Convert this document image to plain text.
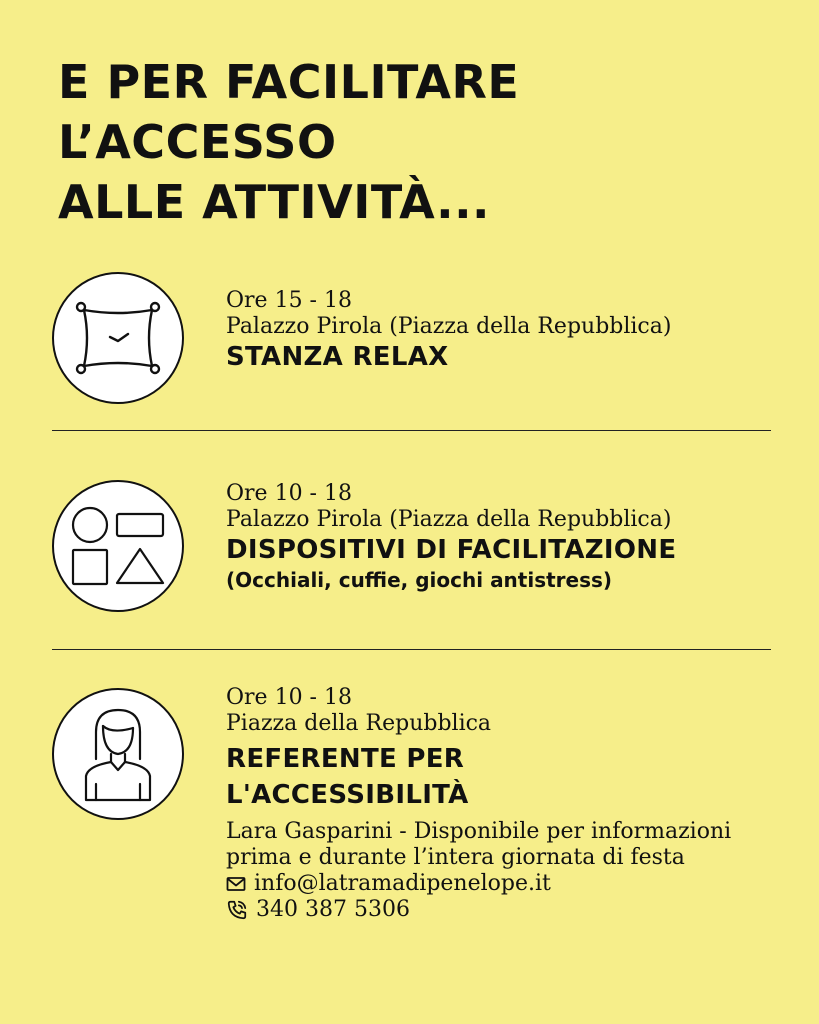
E PER FACILITARE
L’ACCESSO
ALLE ATTIVITÀ...
Ore 15 - 18
Palazzo Pirola (Piazza della Repubblica)
STANZA RELAX
Ore 10 - 18
Palazzo Pirola (Piazza della Repubblica)
DISPOSITIVI DI FACILITAZIONE
(Occhiali, cuffie, giochi antistress)
Ore 10 - 18
Piazza della Repubblica
REFERENTE PER
L'ACCESSIBILITÀ
Lara Gasparini - Disponibile per informazioni
prima e durante l’intera giornata di festa
info@latramadipenelope.it
340 387 5306
